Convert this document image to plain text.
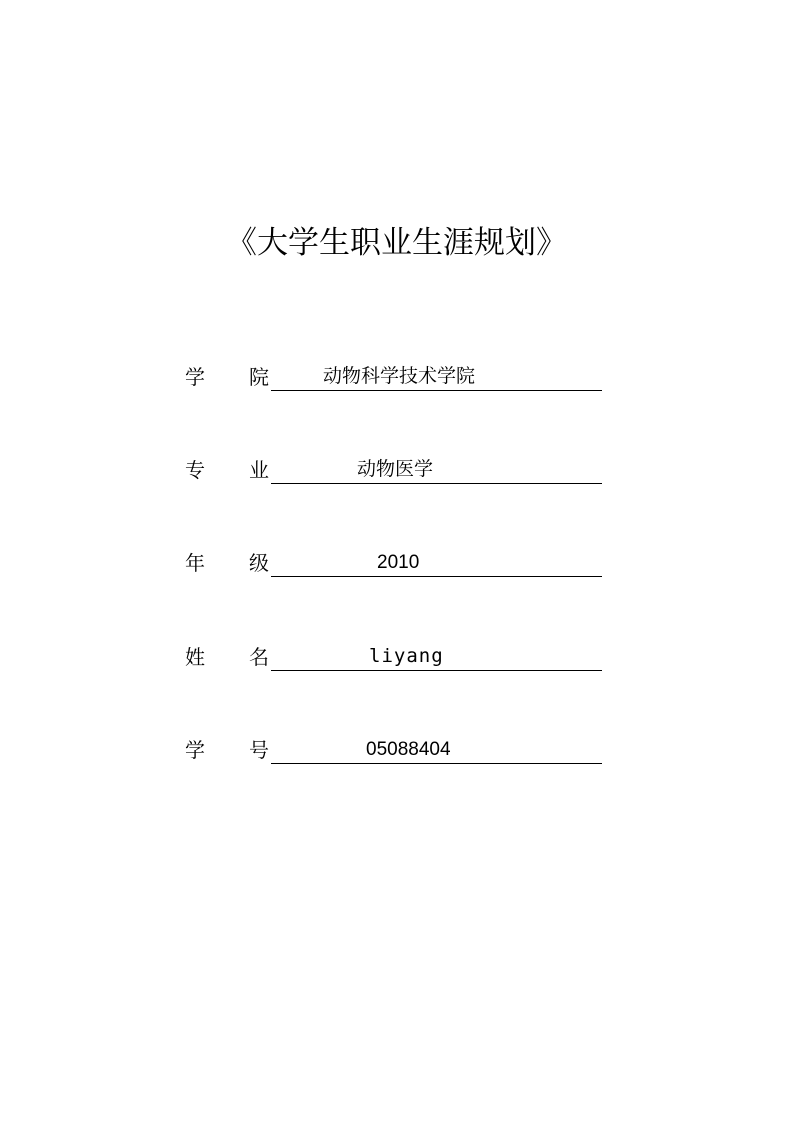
《大学生职业生涯规划》
学 院	动物科学技术学院
专 业	动物医学
年 级	2010
姓 名	liyang
学 号	05088404
